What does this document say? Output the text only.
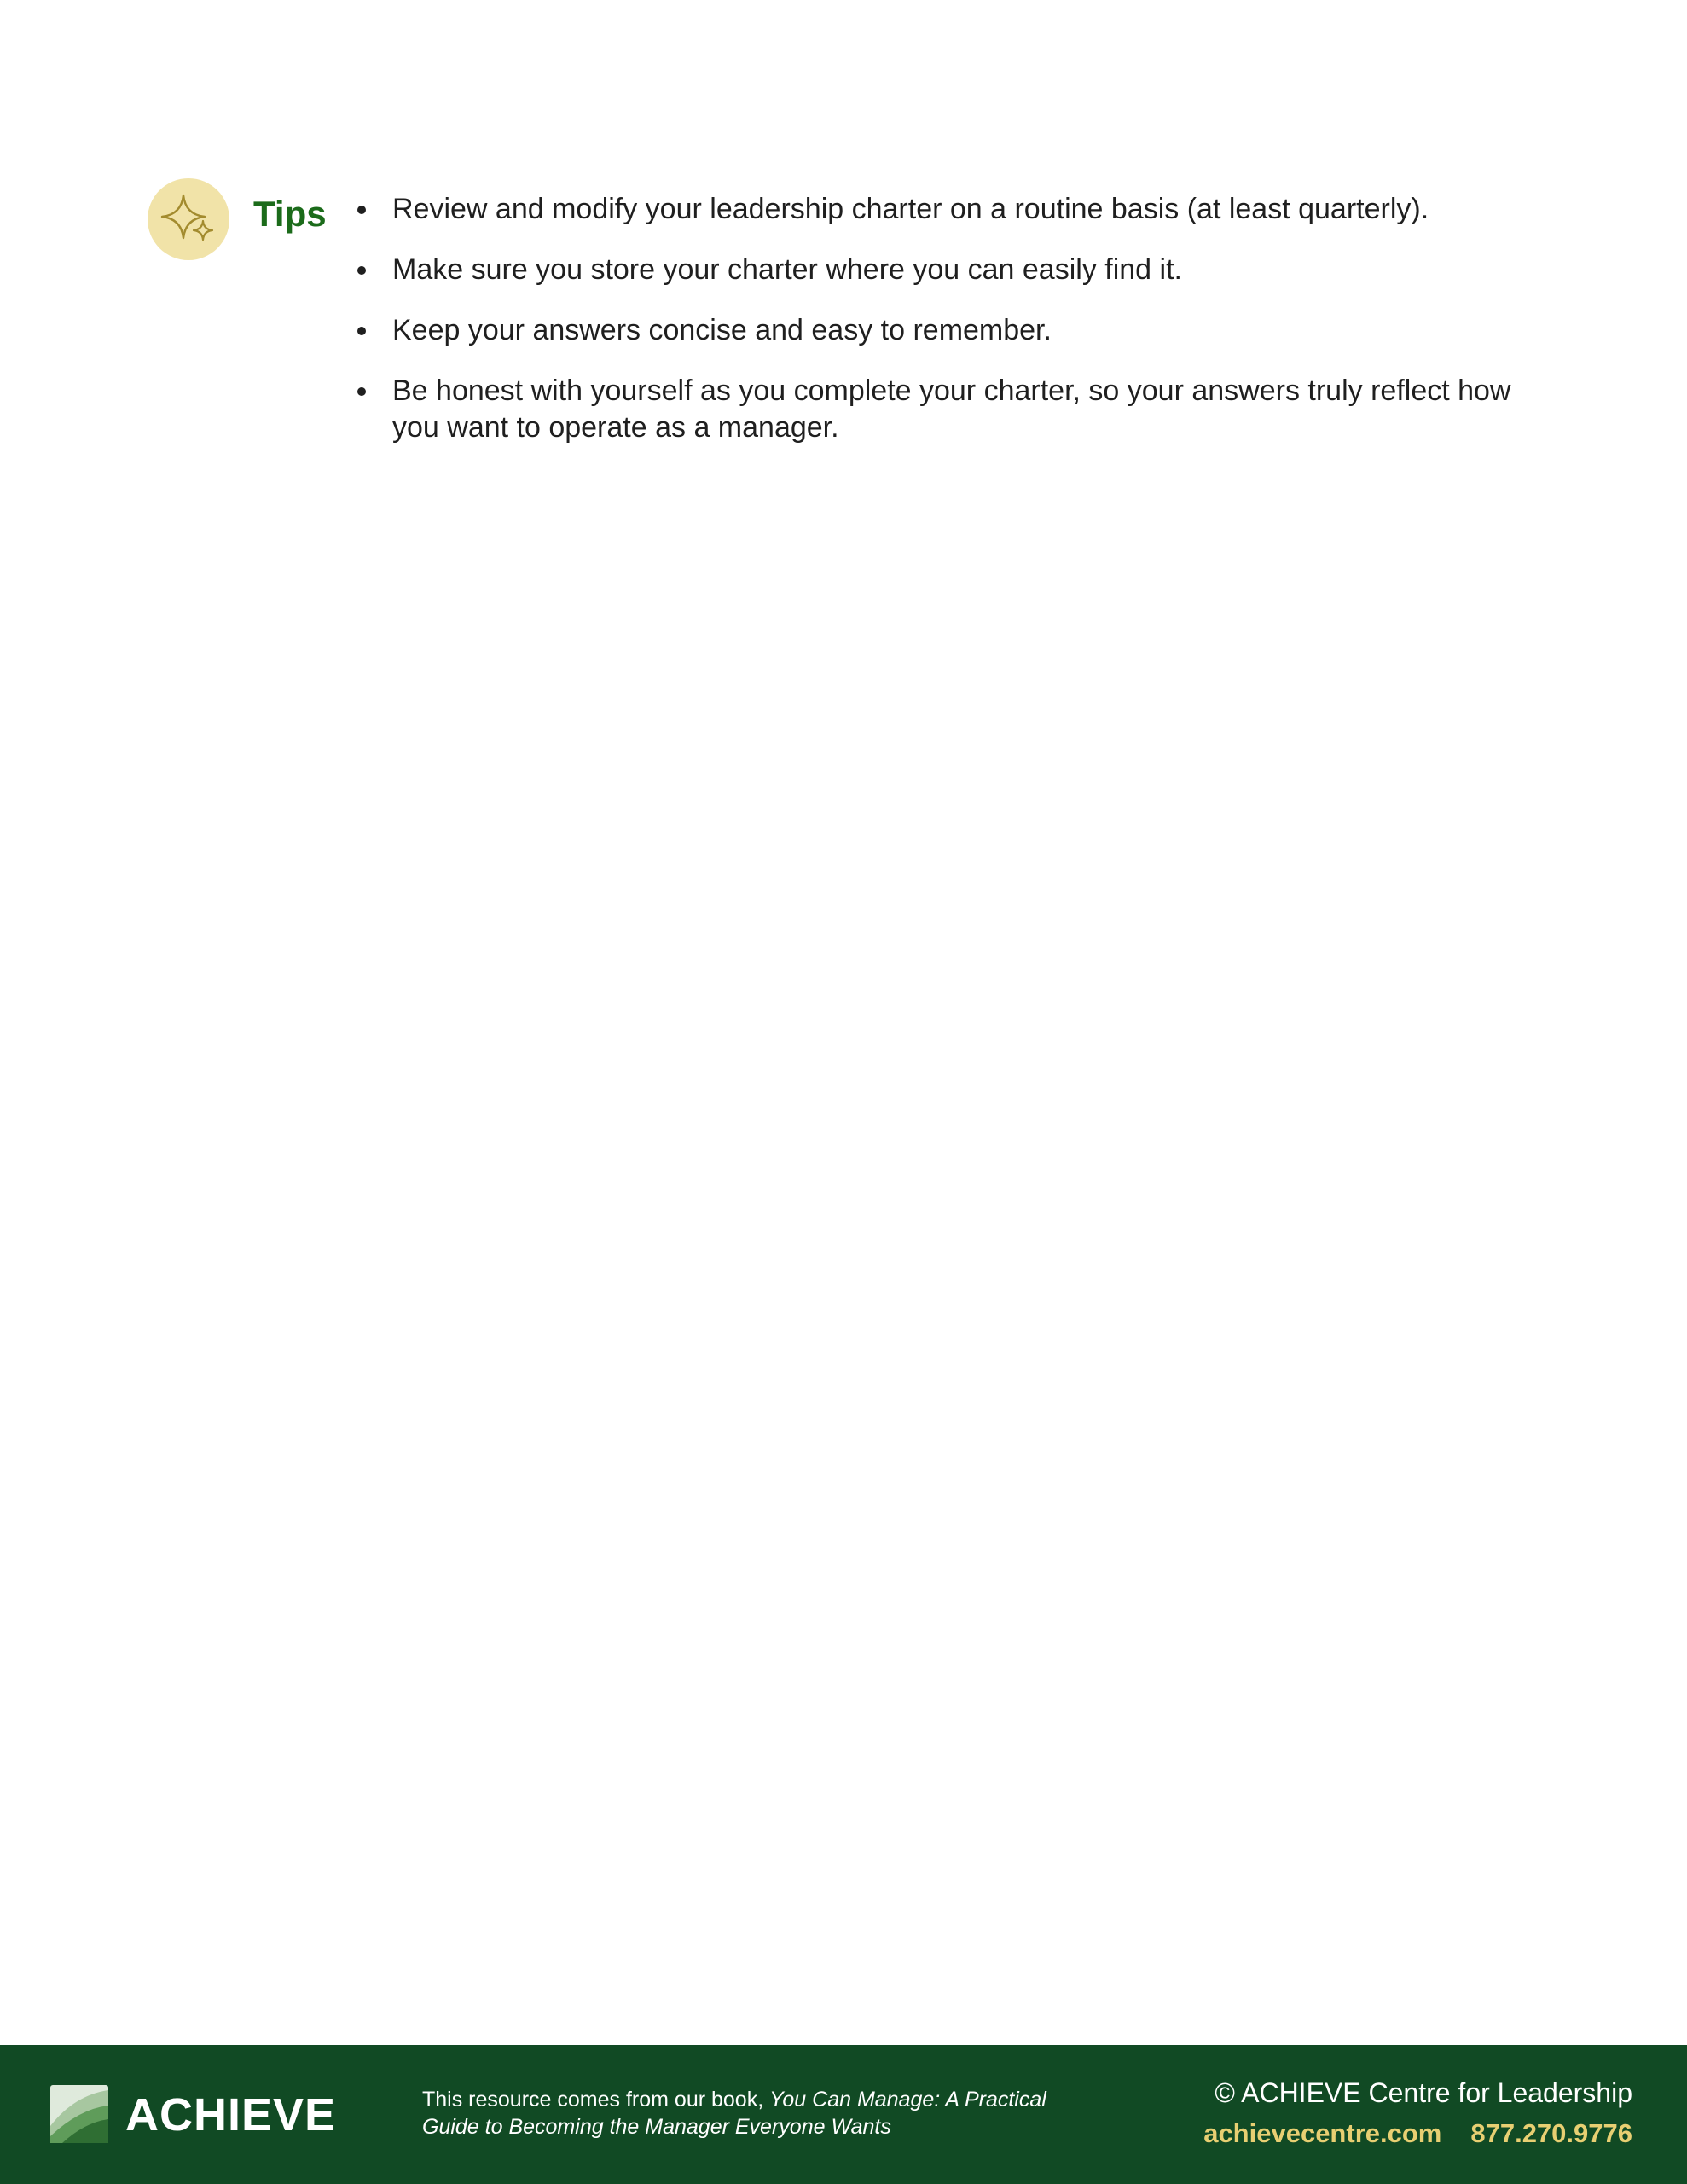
Tips	Review and modify your leadership charter on a routine basis (at least quarterly).
Make sure you store your charter where you can easily find it.
Keep your answers concise and easy to remember.
Be honest with yourself as you complete your charter, so your answers truly reflect how you want to operate as a manager.
ACHIEVE	This resource comes from our book, You Can Manage: A Practical Guide to Becoming the Manager Everyone Wants
© ACHIEVE Centre for Leadership
achievecentre.com 877.270.9776
